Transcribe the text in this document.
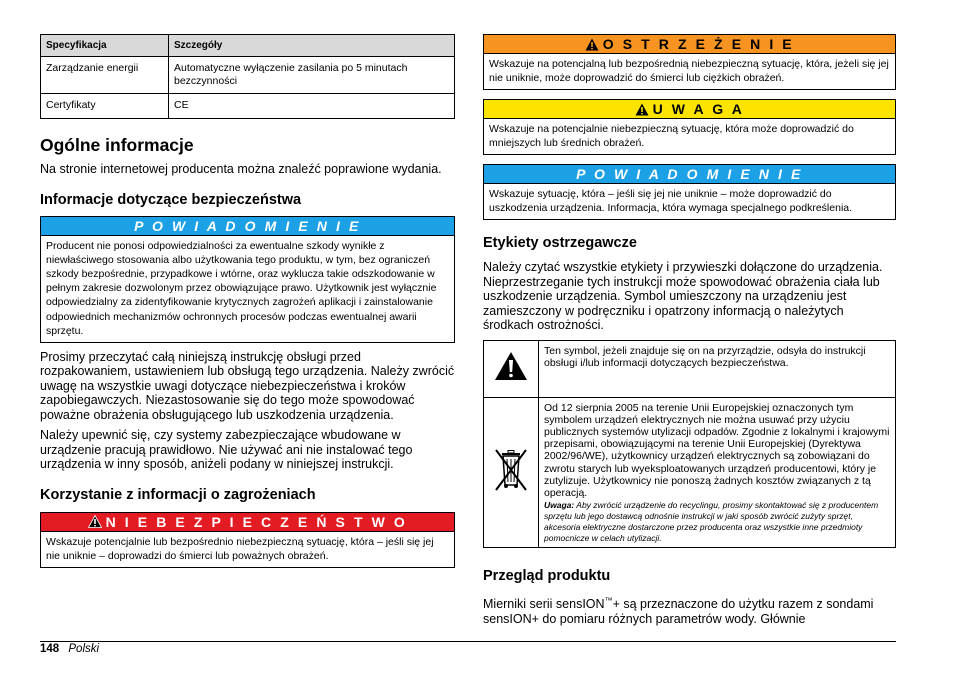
Specyfikacja	Szczegóły
Zarządzanie energii	Automatyczne wyłączenie zasilania po 5 minutach bezczynności
Certyfikaty	CE
Ogólne informacje

Na stronie internetowej producenta można znaleźć poprawione wydania.

Informacje dotyczące bezpieczeństwa
P O W I A D O M I E N I E
Producent nie ponosi odpowiedzialności za ewentualne szkody wynikłe z niewłaściwego stosowania albo użytkowania tego produktu, w tym, bez ograniczeń szkody bezpośrednie, przypadkowe i wtórne, oraz wyklucza takie odszkodowanie w pełnym zakresie dozwolonym przez obowiązujące prawo. Użytkownik jest wyłącznie odpowiedzialny za zidentyfikowanie krytycznych zagrożeń aplikacji i zainstalowanie odpowiednich mechanizmów ochronnych procesów podczas ewentualnej awarii sprzętu.

Prosimy przeczytać całą niniejszą instrukcję obsługi przed rozpakowaniem, ustawieniem lub obsługą tego urządzenia. Należy zwrócić uwagę na wszystkie uwagi dotyczące niebezpieczeństwa i kroków zapobiegawczych. Niezastosowanie się do tego może spowodować poważne obrażenia obsługującego lub uszkodzenia urządzenia.

Należy upewnić się, czy systemy zabezpieczające wbudowane w urządzenie pracują prawidłowo. Nie używać ani nie instalować tego urządzenia w inny sposób, aniżeli podany w niniejszej instrukcji.

Korzystanie z informacji o zagrożeniach
N I E B E Z P I E C Z E Ń S T W O
Wskazuje potencjalnie lub bezpośrednio niebezpieczną sytuację, która – jeśli się jej nie uniknie – doprowadzi do śmierci lub poważnych obrażeń.
O S T R Z E Ż E N I E
Wskazuje na potencjalną lub bezpośrednią niebezpieczną sytuację, która, jeżeli się jej nie uniknie, może doprowadzić do śmierci lub ciężkich obrażeń.
U W A G A
Wskazuje na potencjalnie niebezpieczną sytuację, która może doprowadzić do mniejszych lub średnich obrażeń.
P O W I A D O M I E N I E
Wskazuje sytuację, która – jeśli się jej nie uniknie – może doprowadzić do uszkodzenia urządzenia. Informacja, która wymaga specjalnego podkreślenia.
Etykiety ostrzegawcze

Należy czytać wszystkie etykiety i przywieszki dołączone do urządzenia. Nieprzestrzeganie tych instrukcji może spowodować obrażenia ciała lub uszkodzenie urządzenia. Symbol umieszczony na urządzeniu jest zamieszczony w podręczniku i opatrzony informacją o należytych środkach ostrożności.

	Ten symbol, jeżeli znajduje się on na przyrządzie, odsyła do instrukcji obsługi i/lub informacji dotyczących bezpieczeństwa.

Od 12 sierpnia 2005 na terenie Unii Europejskiej oznaczonych tym symbolem urządzeń elektrycznych nie można usuwać przy użyciu publicznych systemów utylizacji odpadów. Zgodnie z lokalnymi i krajowymi przepisami, obowiązującymi na terenie Unii Europejskiej (Dyrektywa 2002/96/WE), użytkownicy urządzeń elektrycznych są zobowiązani do zwrotu starych lub wyeksploatowanych urządzeń producentowi, który je zutylizuje. Użytkownicy nie ponoszą żadnych kosztów związanych z tą operacją.
Uwaga: Aby zwrócić urządzenie do recyclingu, prosimy skontaktować się z producentem sprzętu lub jego dostawcą odnośnie instrukcji w jaki sposób zwrócić zużyty sprzęt, akcesoria elektryczne dostarczone przez producenta oraz wszystkie inne przedmioty pomocnicze w celach utylizacji.
Przegląd produktu

Mierniki serii sensION™+ są przeznaczone do użytku razem z sondami sensION+ do pomiaru różnych parametrów wody. Głównie

148 Polski
